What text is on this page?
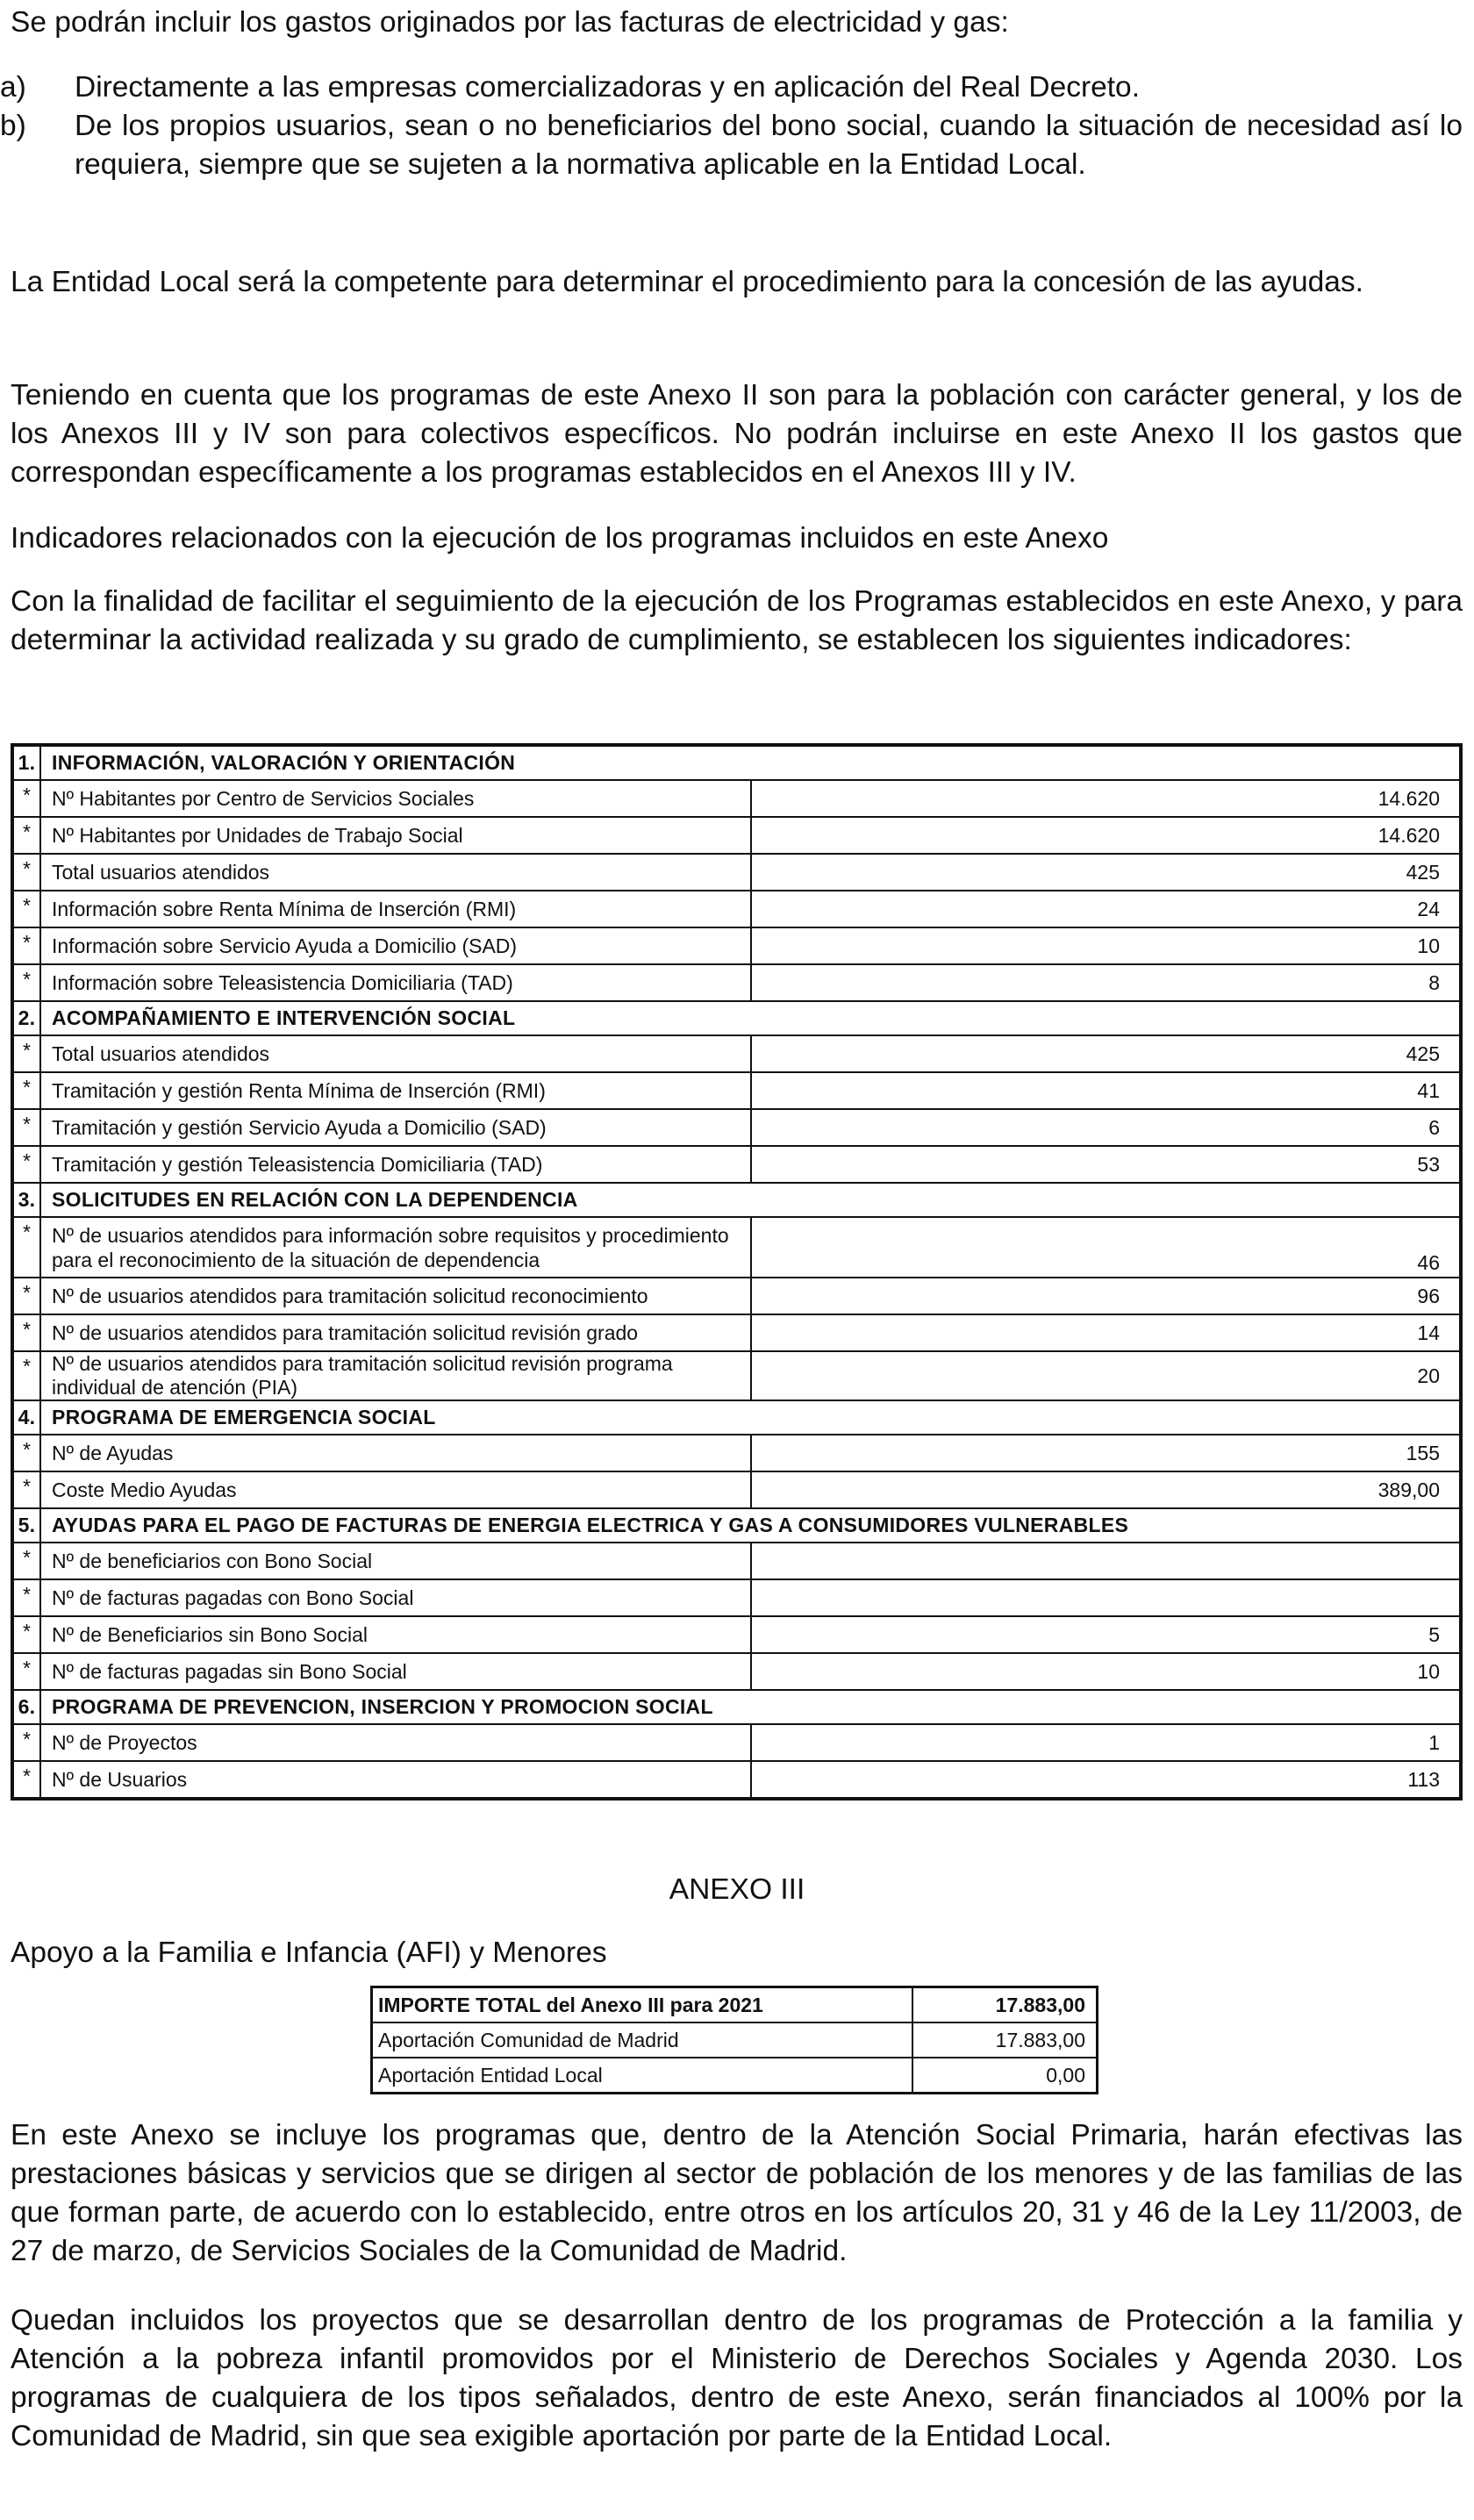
Se podrán incluir los gastos originados por las facturas de electricidad y gas:

a)	Directamente a las empresas comercializadoras y en aplicación del Real Decreto.
b)	De los propios usuarios, sean o no beneficiarios del bono social, cuando la situación de necesidad así lo requiera, siempre que se sujeten a la normativa aplicable en la Entidad Local.

La Entidad Local será la competente para determinar el procedimiento para la concesión de las ayudas.

Teniendo en cuenta que los programas de este Anexo II son para la población con carácter general, y los de los Anexos III y IV son para colectivos específicos. No podrán incluirse en este Anexo II los gastos que correspondan específicamente a los programas establecidos en el Anexos III y IV.

Indicadores relacionados con la ejecución de los programas incluidos en este Anexo

Con la finalidad de facilitar el seguimiento de la ejecución de los Programas establecidos en este Anexo, y para determinar la actividad realizada y su grado de cumplimiento, se establecen los siguientes indicadores:

1.	INFORMACIÓN, VALORACIÓN Y ORIENTACIÓN	
*	Nº Habitantes por Centro de Servicios Sociales	14.620
*	Nº Habitantes por Unidades de Trabajo Social	14.620
*	Total usuarios atendidos	425
*	Información sobre Renta Mínima de Inserción (RMI)	24
*	Información sobre Servicio Ayuda a Domicilio (SAD)	10
*	Información sobre Teleasistencia Domiciliaria (TAD)	8
2.	ACOMPAÑAMIENTO E INTERVENCIÓN SOCIAL	
*	Total usuarios atendidos	425
*	Tramitación y gestión Renta Mínima de Inserción (RMI)	41
*	Tramitación y gestión Servicio Ayuda a Domicilio (SAD)	6
*	Tramitación y gestión Teleasistencia Domiciliaria (TAD)	53
3.	SOLICITUDES EN RELACIÓN CON LA DEPENDENCIA	
*	Nº de usuarios atendidos para información sobre requisitos y procedimiento para el reconocimiento de la situación de dependencia	46
*	Nº de usuarios atendidos para tramitación solicitud reconocimiento	96
*	Nº de usuarios atendidos para tramitación solicitud revisión grado	14
*	Nº de usuarios atendidos para tramitación solicitud revisión programa individual de atención (PIA)	20
4.	PROGRAMA DE EMERGENCIA SOCIAL	
*	Nº de Ayudas	155
*	Coste Medio Ayudas	389,00
5.	AYUDAS PARA EL PAGO DE FACTURAS DE ENERGIA ELECTRICA Y GAS A CONSUMIDORES VULNERABLES	
*	Nº de beneficiarios con Bono Social	
*	Nº de facturas pagadas con Bono Social	
*	Nº de Beneficiarios sin Bono Social	5
*	Nº de facturas pagadas sin Bono Social	10
6.	PROGRAMA DE PREVENCION, INSERCION Y PROMOCION SOCIAL	
*	Nº de Proyectos	1
*	Nº de Usuarios	113
ANEXO III

Apoyo a la Familia e Infancia (AFI) y Menores

IMPORTE TOTAL del Anexo III para 2021	17.883,00
Aportación Comunidad de Madrid	17.883,00
Aportación Entidad Local	0,00

En este Anexo se incluye los programas que, dentro de la Atención Social Primaria, harán efectivas las prestaciones básicas y servicios que se dirigen al sector de población de los menores y de las familias de las que forman parte, de acuerdo con lo establecido, entre otros en los artículos 20, 31 y 46 de la Ley 11/2003, de 27 de marzo, de Servicios Sociales de la Comunidad de Madrid.

Quedan incluidos los proyectos que se desarrollan dentro de los programas de Protección a la familia y Atención a la pobreza infantil promovidos por el Ministerio de Derechos Sociales y Agenda 2030. Los programas de cualquiera de los tipos señalados, dentro de este Anexo, serán financiados al 100% por la Comunidad de Madrid, sin que sea exigible aportación por parte de la Entidad Local.
